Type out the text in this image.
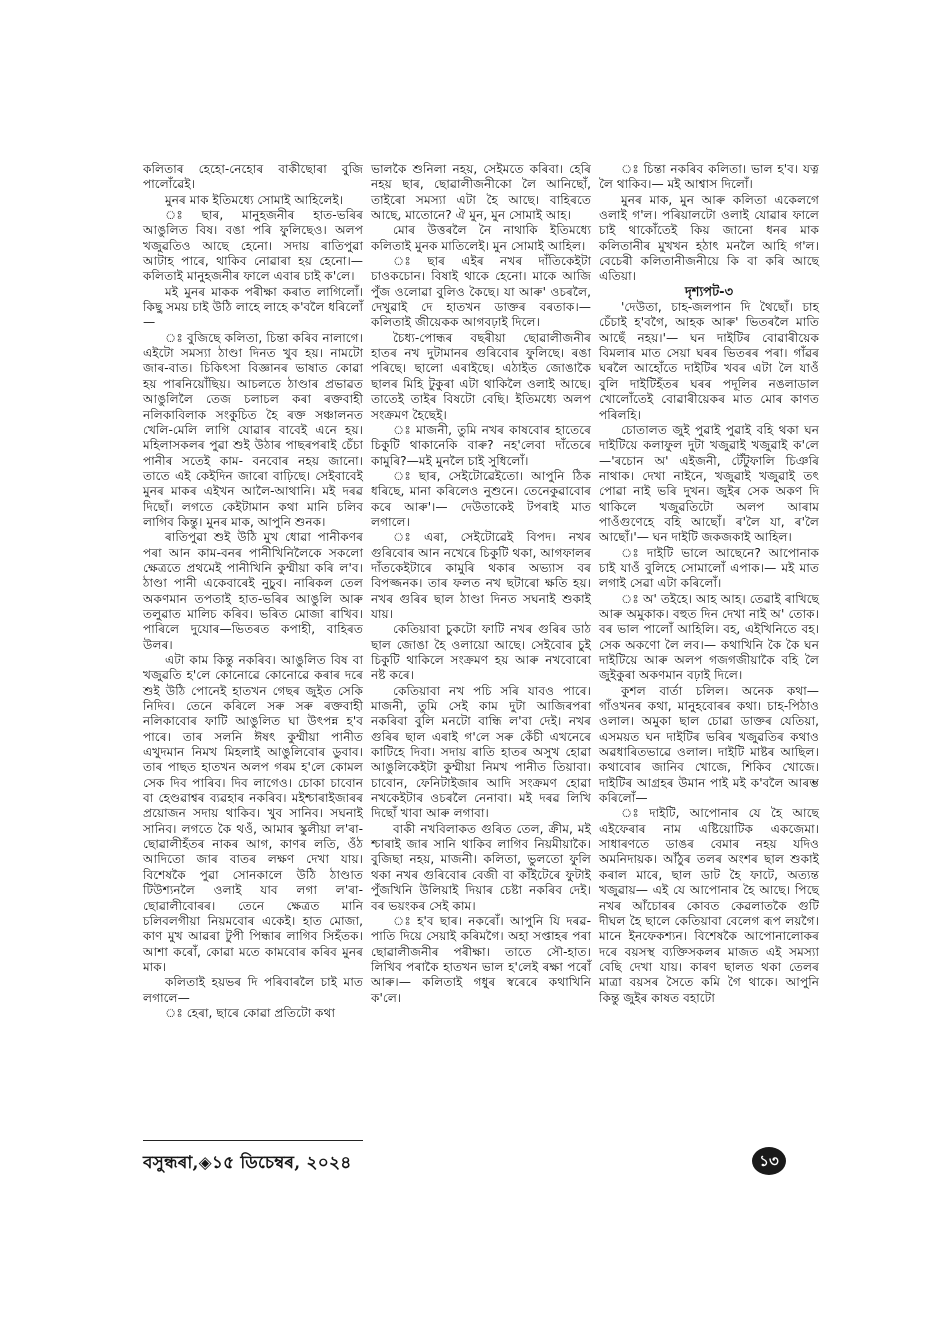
কলিতাৰ হেহো-নেহোৰ বাকীছোৰা বুজি পালোঁৱেই।

মুনৰ মাক ইতিমধ্যে সোমাই আহিলেই।

ঃ ছাৰ, মানুহজনীৰ হাত-ভৰিৰ আঙুলিত বিষ। বঙা পৰি ফুলিছেও। অলপ খজুৱতিও আছে হেনো। সদায় ৰাতিপুৱা আটাহ পাৰে, থাকিব নোৱাৰা হয় হেনো।— কলিতাই মানুহজনীৰ ফালে এবাৰ চাই ক'লে।

মই মুনৰ মাকক পৰীক্ষা কৰাত লাগিলোঁ। কিছু সময় চাই উঠি লাহে লাহে ক'বলৈ ধৰিলোঁ—

ঃ বুজিছে কলিতা, চিন্তা কৰিব নালাগে। এইটো সমস্যা ঠাণ্ডা দিনত খুব হয়। নামটো জাৰ-বাত। চিকিৎসা বিজ্ঞানৰ ভাষাত কোৱা হয় পাৰনিয়োঁছিয়। আচলতে ঠাণ্ডাৰ প্ৰভাৱত আঙুলিলৈ তেজ চলাচল কৰা ৰক্তবাহী নলিকাবিলাক সংকুচিত হৈ ৰক্ত সঞ্চালনত খেলি-মেলি লাগি যোৱাৰ বাবেই এনে হয়। মহিলাসকলৰ পুৱা শুই উঠাৰ পাছৰপৰাই চেঁচা পানীৰ সতেই কাম- বনবোৰ নহয় জানো। তাতে এই কেইদিন জাৰো বাঢ়িছে। সেইবাবেই মুনৰ মাকৰ এইখন আলৈ-আথানি। মই দৰৱ দিছোঁ। লগতে কেইটামান কথা মানি চলিব লাগিব কিন্তু। মুনৰ মাক, আপুনি শুনক।

ৰাতিপুৱা শুই উঠি মুখ ধোৱা পানীকণৰ পৰা আন কাম-বনৰ পানীখিনিলৈকে সকলো ক্ষেত্ৰতে প্ৰথমেই পানীখিনি কুম্মীয়া কৰি ল'ব। ঠাণ্ডা পানী একেবাৰেই নুচুব। নাৰিকল তেল অকণমান তপতাই হাত-ভৰিৰ আঙুলি আৰু তলুৱাত মালিচ কৰিব। ভৰিত মোজা ৰাখিব। পাৰিলে দুযোৰ—ভিতৰত কপাহী, বাহিৰত উলৰ।

এটা কাম কিন্তু নকৰিব। আঙুলিত বিষ বা খজুৱতি হ'লে কোনোৱে কোনোৱে কৰাৰ দৰে শুই উঠি পোনেই হাতখন গেছৰ জুইত সেকি নিদিব। তেনে কৰিলে সৰু সৰু ৰক্তবাহী নলিকাবোৰ ফাটি আঙুলিত ঘা উৎপন্ন হ'ব পাৰে। তাৰ সলনি ঈষৎ কুম্মীয়া পানীত এখুদমান নিমখ মিহলাই আঙুলিবোৰ ডুবাব। তাৰ পাছত হাতখন অলপ গৰম হ'লে কোমল সেক দিব পাৰিব। দিব লাগেও। চোকা চাবোন বা হেণ্ডৱাশ্বৰ ব্যৱহাৰ নকৰিব। মইশ্চাৰাইজাৰৰ প্ৰয়োজন সদায় থাকিব। খুব সানিব। সঘনাই সানিব। লগতে কৈ থওঁ, আমাৰ স্কুলীয়া ল'ৰা-ছোৱালীহঁতৰ নাকৰ আগ, কাণৰ লতি, ওঁঠ আদিতো জাৰ বাতৰ লক্ষণ দেখা যায়। বিশেষকৈ পুৱা সোনকালে উঠি ঠাণ্ডাত টিউশ্যনলৈ ওলাই যাব লগা ল'ৰা-ছোৱালীবোৰৰ। তেনে ক্ষেত্ৰত মানি চলিবলগীয়া নিয়মবোৰ একেই। হাত মোজা, কাণ মুখ আৱৰা টুপী পিন্ধাৰ লাগিব সিহঁতক। আশা কৰোঁ, কোৱা মতে কামবোৰ কৰিব মুনৰ মাক।

কলিতাই হয়ভৰ দি পৰিবাৰলৈ চাই মাত লগালে—

ঃ হেৰা, ছাৰে কোৱা প্ৰতিটো কথা

ভালকৈ শুনিলা নহয়, সেইমতে কৰিবা। হেৰি নহয় ছাৰ, ছোৱালীজনীকো লৈ আনিছোঁ, তাইৰো সমস্যা এটা হৈ আছে। বাহিৰতে আছে, মাতোনে? ঐ মুন, মুন সোমাই আহ।

মোৰ উত্তৰলৈ নৈ নাথাকি ইতিমধ্যে কলিতাই মুনক মাতিলেই। মুন সোমাই আহিল।

ঃ ছাৰ এইৰ নখৰ দাঁতিকেইটা চাওকচোন। বিষাই থাকে হেনো। মাকে আজি পুঁজ ওলোৱা বুলিও কৈছে। যা আৰু' ওচৰলৈ, দেখুৱাই দে হাতখন ডাক্তৰ বৰতাক।— কলিতাই জীয়েকক আগবঢ়াই দিলে।

চৈধ্য-পোন্ধৰ বছৰীয়া ছোৱালীজনীৰ হাতৰ নখ দুটামানৰ গুৰিবোৰ ফুলিছে। ৰঙা পৰিছে। ছালো এৰাইছে। এঠাইত জোঙাকৈ ছালৰ মিহি টুকুৰা এটা থাকিলৈ ওলাই আছে। তাতেই তাইৰ বিষটো বেছি। ইতিমধ্যে অলপ সংক্ৰমণ হৈছেই।

ঃ মাজনী, তুমি নখৰ কাষবোৰ হাতেৰে চিকুটি থাকানেকি বাৰু? নহ'লেবা দাঁতেৰে কামুৰি?—মই মুনলৈ চাই সুধিলোঁ।

ঃ ছাৰ, সেইটোৱেইতো। আপুনি ঠিক ধৰিছে, মানা কৰিলেও নুশুনে। তেনেকুৱাবোৰ কৰে আৰু'।— দেউতাকেই টপৰাই মাত লগালে।

ঃ এৰা, সেইটোৱেই বিপদ। নখৰ গুৰিবোৰ আন নখেৰে চিকুটি থকা, আগফালৰ দাঁতকেইটাৰে কামুৰি থকাৰ অভ্যাস বৰ বিপজ্জনক। তাৰ ফলত নখ ছটাৰো ক্ষতি হয়। নখৰ গুৰিৰ ছাল ঠাণ্ডা দিনত সঘনাই শুকাই যায়।

কেতিয়াবা চুকটো ফাটি নখৰ গুৰিৰ ডাঠ ছাল জোঙা হৈ ওলায়ো আছে। সেইবোৰ চুই চিকুটি থাকিলে সংক্ৰমণ হয় আৰু নখবোৰো নষ্ট কৰে।

কেতিয়াবা নখ পচি সৰি যাবও পাৰে। মাজনী, তুমি সেই কাম দুটা আজিৰপৰা নকৰিবা বুলি মনটো বান্ধি ল'বা দেই। নখৰ গুৰিৰ ছাল এৰাই গ'লে সৰু কেঁচী এখনেৰে কাটিহে দিবা। সদায় ৰাতি হাতৰ অসুখ হোৱা আঙুলিকেইটা কুম্মীয়া নিমখ পানীত তিয়াবা। চাবোন, ফেনিটাইজাৰ আদি সংক্ৰমণ হোৱা নখকেইটাৰ ওচৰলৈ নেনাবা। মই দৰৱ লিখি দিছোঁ খাবা আৰু লগাবা।

বাকী নখবিলাকত গুৰিত তেল, ক্ৰীম, মই শ্চাৰাই জাৰ সানি থাকিব লাগিব নিয়মীয়াকৈ। বুজিছা নহয়, মাজনী। কলিতা, ভুলতো ফুলি থকা নখৰ গুৰিবোৰ বেজী বা কাঁইটেৰে ফুটাই পুঁজখিনি উলিয়াই দিয়াৰ চেষ্টা নকৰিব দেই। বৰ ভয়ংকৰ সেই কাম।

ঃ হ'ব ছাৰ। নকৰোঁ। আপুনি যি দৰৱ-পাতি দিয়ে সেয়াই কৰিমগৈ। অহা সপ্তাহৰ পৰা ছোৱালীজনীৰ পৰীক্ষা। তাতে সৌ-হাত। লিখিব পৰাকৈ হাতখন ভাল হ'লেই ৰক্ষা পৰোঁ আৰু।— কলিতাই গধুৰ স্বৰেৰে কথাখিনি ক'লে।

ঃ চিন্তা নকৰিব কলিতা। ভাল হ'ব। যত্ন লৈ থাকিব।— মই আশ্বাস দিলোঁ।

মুনৰ মাক, মুন আৰু কলিতা একেলগে ওলাই গ'ল। পৰিয়ালটো ওলাই যোৱাৰ ফালে চাই থাকোঁতেই কিয় জানো ধনৰ মাক কলিতানীৰ মুখখন হঠাৎ মনলৈ আহি গ'ল। বেচেৰী কলিতানীজনীয়ে কি বা কৰি আছে এতিয়া।

দৃশ্যপট-৩

'দেউতা, চাহ-জলপান দি থৈছোঁ। চাহ চেঁচাই হ'বগৈ, আহক আৰু' ভিতৰলৈ মাতি আছেঁ নহয়।'— ঘন দাইটিৰ বোৱাৰীয়েক বিমলাৰ মাত সেয়া ঘৰৰ ভিতৰৰ পৰা। গাঁৱৰ ঘৰলৈ আহোঁতে দাইটিৰ খবৰ এটা লৈ যাওঁ বুলি দাইটিহঁতৰ ঘৰৰ পদূলিৰ নঙলাডাল খোলোঁতেই বোৱাৰীয়েকৰ মাত মোৰ কাণত পৰিলহি।

চোতালত জুই পুৱাই পুৱাই বহি থকা ঘন দাইটিয়ে কলাফুল দুটা খজুৱাই খজুৱাই ক'লে—'ৰচোন অ' এইজনী, টেঁটুফালি চিঞৰি নাথাক। দেখা নাইনে, খজুৱাই খজুৱাই তৎ পোৱা নাই ভৰি দুখন। জুইৰ সেক অকণ দি থাকিলে খজুৱতিটো অলপ আৰাম পাওঁগুণেহে বহি আছোঁ। ৰ'লৈ যা, ৰ'লৈ আছোঁ।'— ঘন দাইটি জকজকাই আহিল।

ঃ দাইটি ভালে আছেনে? আপোনাক চাই যাওঁ বুলিহে সোমালোঁ এপাক।— মই মাত লগাই সেৱা এটা কৰিলোঁ।

ঃ অ' তইহে। আহ আহ। তেৱাই ৰাখিছে আৰু অমুকাক। বহুত দিন দেখা নাই অ' তোক। বৰ ভাল পালোঁ আহিলি। বহ, এইখিনিতে বহ। সেক অকণো লৈ লব।— কথাখিনি কৈ কৈ ঘন দাইটিয়ে আৰু অলপ গজগজীয়াকৈ বহি লৈ জুইকুৰা অকণমান বঢ়াই দিলে।

কুশল বাৰ্তা চলিল। অনেক কথা— গাঁওখনৰ কথা, মানুহবোৰৰ কথা। চাহ-পিঠাও ওলাল। অমুকা ছাল চোৱা ডাক্তৰ যেতিয়া, এসময়ত ঘন দাইটিৰ ভৰিৰ খজুৱতিৰ কথাও অৱধাৰিতভাৱে ওলাল। দাইটি মাষ্টৰ আছিল। কথাবোৰ জানিব খোজে, শিকিব খোজে। দাইটিৰ আগ্ৰহৰ উমান পাই মই ক'বলৈ আৰম্ভ কৰিলোঁ—

ঃ দাইটি, আপোনাৰ যে হৈ আছে এইফেৰাৰ নাম এষ্টিয়োটিক একজেমা। সাধাৰণতে ডাঙৰ বেমাৰ নহয় যদিও অমনিদায়ক। আঁঠুৰ তলৰ অংশৰ ছাল শুকাই কৰাল মাৰে, ছাল ডাট হৈ ফাটে, অত্যন্ত খজুৱায়— এই যে আপোনাৰ হৈ আছে। পিছে নখৰ আঁচোৰৰ কোবত কেৱলাতকৈ গুটি দীঘল হৈ ছালে কেতিয়াবা বেলেগ ৰূপ লয়গৈ। মানে ইনফেকশ্যন। বিশেষকৈ আপোনালোকৰ দৰে বয়সস্থ ব্যক্তিসকলৰ মাজত এই সমস্যা বেছি দেখা যায়। কাৰণ ছালত থকা তেলৰ মাত্ৰা বয়সৰ সৈতে কমি গৈ থাকে। আপুনি কিন্তু জুইৰ কাষত বহাটো

বসুন্ধৰা,◈১৫ ডিচেম্বৰ, ২০২৪	১৩
